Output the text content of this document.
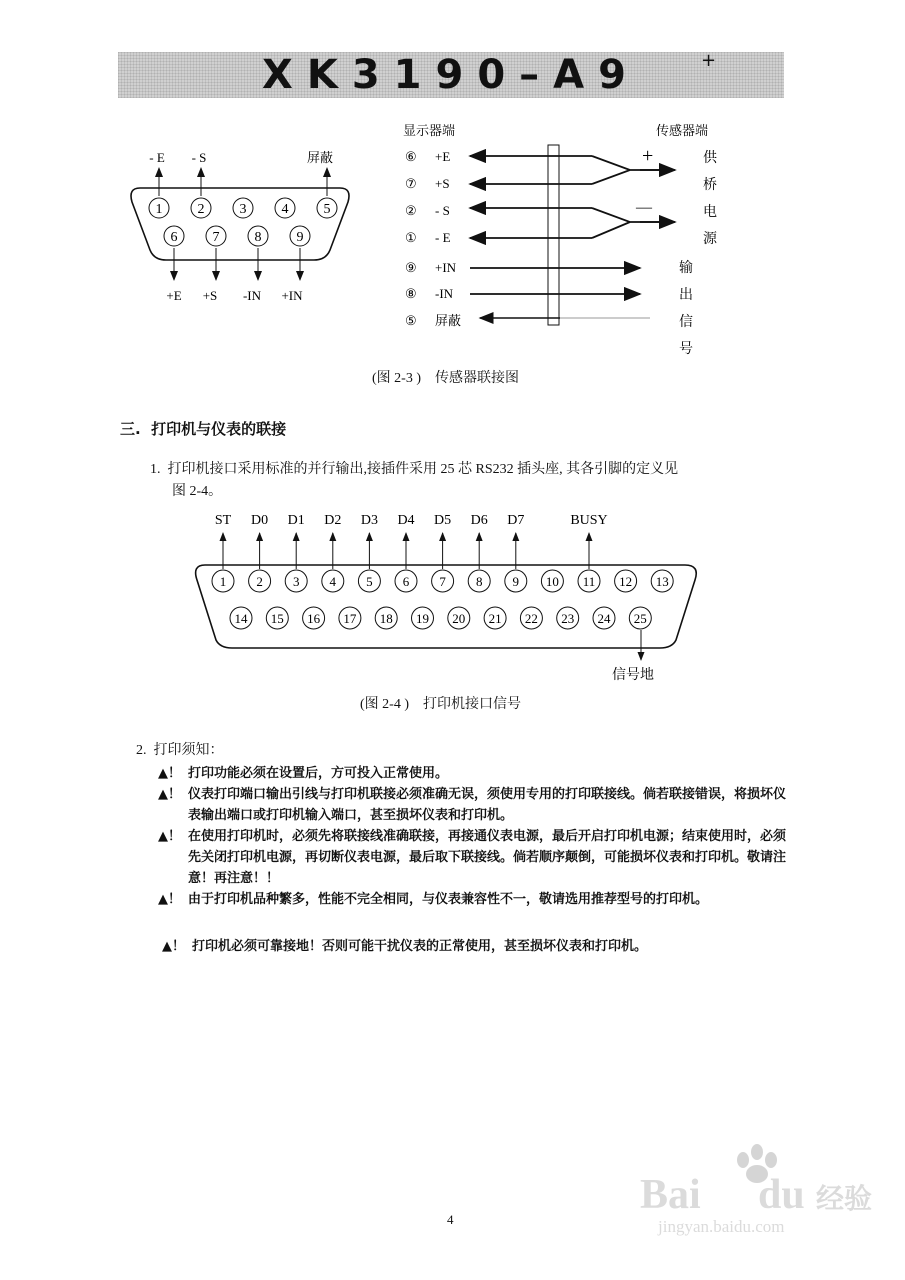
XK3190–A9	+
1	2	3	4	5
6	7	8	9
- E - S	屏蔽
+E +S -IN +IN
显示器端	传感器端
⑥ +E
⑦ +S
② - S
① - E
⑨ +IN
⑧ -IN
⑤ 屏蔽
+
—
供
桥
电
源
输
出
信
号
(图 2-3 )    传感器联接图
三.  打印机与仪表的联接
1.  打印机接口采用标准的并行输出,接插件采用 25 芯 RS232 插头座, 其各引脚的定义见
图 2-4。
1 2 3 4 5 6 7 8 9 10 11 12 13
14 15 16 17 18 19 20 21 22 23 24 25
ST D0 D1 D2 D3 D4 D5 D6 D7	BUSY
信号地
(图 2-4 )    打印机接口信号
2.  打印须知：
▲！ 打印功能必须在设置后，方可投入正常使用。
▲！ 仪表打印端口输出引线与打印机联接必须准确无误，须使用专用的打印联接线。倘若联接错误，将损坏仪表输出端口或打印机输入端口，甚至损坏仪表和打印机。
▲！ 在使用打印机时，必须先将联接线准确联接，再接通仪表电源，最后开启打印机电源；结束使用时，必须先关闭打印机电源，再切断仪表电源，最后取下联接线。倘若顺序颠倒，可能损坏仪表和打印机。敬请注意！再注意！！
▲！ 由于打印机品种繁多，性能不完全相同，与仪表兼容性不一，敬请选用推荐型号的打印机。
▲！ 打印机必须可靠接地！否则可能干扰仪表的正常使用，甚至损坏仪表和打印机。
Bai du 经验
jingyan.baidu.com
4
